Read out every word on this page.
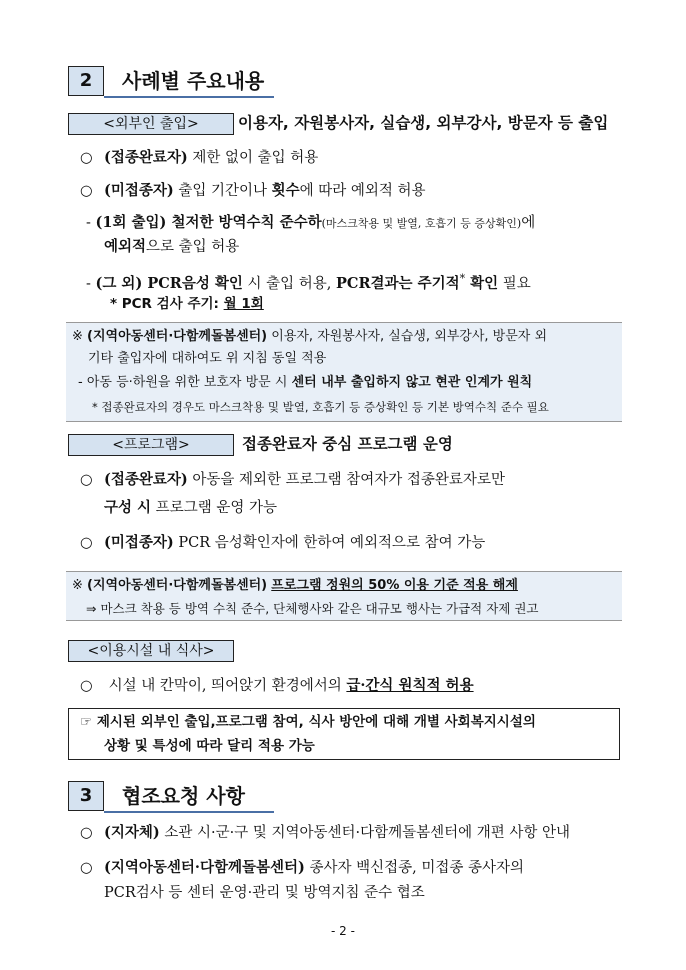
2	사례별 주요내용
<외부인 출입>	이용자, 자원봉사자, 실습생, 외부강사, 방문자 등 출입
○ (접종완료자) 제한 없이 출입 허용
○ (미접종자) 출입 기간이나 횟수에 따라 예외적 허용
- (1회 출입) 철저한 방역수칙 준수하(마스크착용 및 발열, 호흡기 등 증상확인)에
예외적으로 출입 허용
- (그 외) PCR음성 확인 시 출입 허용, PCR결과는 주기적* 확인 필요
* PCR 검사 주기: 월 1회
※ (지역아동센터·다함께돌봄센터) 이용자, 자원봉사자, 실습생, 외부강사, 방문자 외
기타 출입자에 대하여도 위 지침 동일 적용
- 아동 등·하원을 위한 보호자 방문 시 센터 내부 출입하지 않고 현관 인계가 원칙
* 접종완료자의 경우도 마스크착용 및 발열, 호흡기 등 증상확인 등 기본 방역수칙 준수 필요
<프로그램>	접종완료자 중심 프로그램 운영
○ (접종완료자) 아동을 제외한 프로그램 참여자가 접종완료자로만
구성 시 프로그램 운영 가능
○ (미접종자) PCR 음성확인자에 한하여 예외적으로 참여 가능
※ (지역아동센터·다함께돌봄센터) 프로그램 정원의 50% 이용 기준 적용 해제
⇒ 마스크 착용 등 방역 수칙 준수, 단체행사와 같은 대규모 행사는 가급적 자제 권고
<이용시설 내 식사>
○ 시설 내 칸막이, 띄어앉기 환경에서의 급·간식 원칙적 허용
☞ 제시된 외부인 출입,프로그램 참여, 식사 방안에 대해 개별 사회복지시설의
상황 및 특성에 따라 달리 적용 가능
3	협조요청 사항
○ (지자체) 소관 시·군·구 및 지역아동센터·다함께돌봄센터에 개편 사항 안내
○ (지역아동센터·다함께돌봄센터) 종사자 백신접종, 미접종 종사자의
PCR검사 등 센터 운영·관리 및 방역지침 준수 협조
- 2 -
